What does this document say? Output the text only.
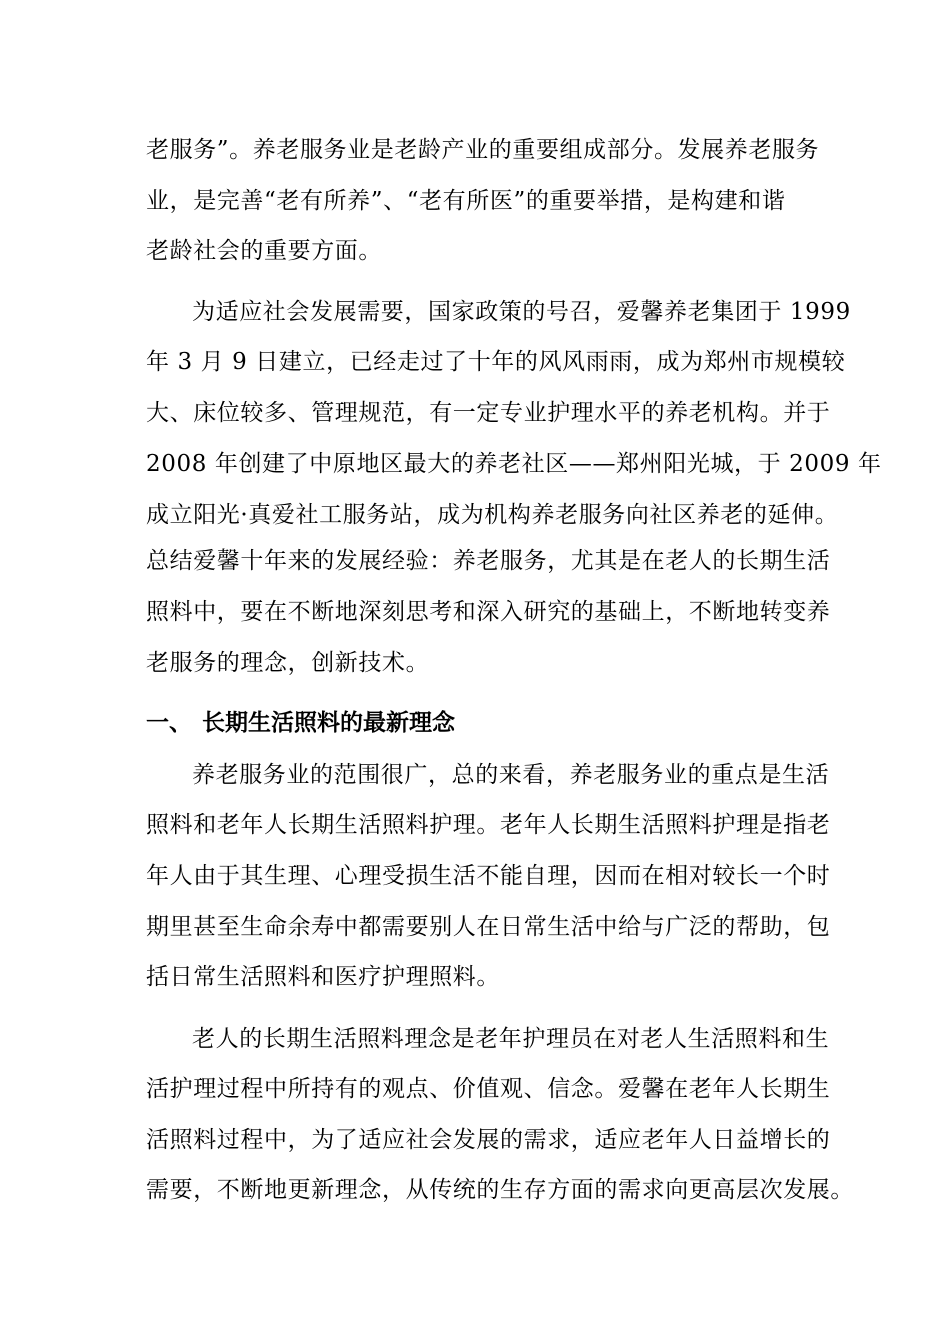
老服务”。养老服务业是老龄产业的重要组成部分。发展养老服务
业，是完善“老有所养”、“老有所医”的重要举措，是构建和谐
老龄社会的重要方面。
为适应社会发展需要，国家政策的号召，爱馨养老集团于 1999
年 3 月 9 日建立，已经走过了十年的风风雨雨，成为郑州市规模较
大、床位较多、管理规范，有一定专业护理水平的养老机构。并于
2008 年创建了中原地区最大的养老社区——郑州阳光城，于 2009 年
成立阳光·真爱社工服务站，成为机构养老服务向社区养老的延伸。
总结爱馨十年来的发展经验：养老服务，尤其是在老人的长期生活
照料中，要在不断地深刻思考和深入研究的基础上，不断地转变养
老服务的理念，创新技术。
一、 长期生活照料的最新理念
养老服务业的范围很广，总的来看，养老服务业的重点是生活
照料和老年人长期生活照料护理。老年人长期生活照料护理是指老
年人由于其生理、心理受损生活不能自理，因而在相对较长一个时
期里甚至生命余寿中都需要别人在日常生活中给与广泛的帮助，包
括日常生活照料和医疗护理照料。
老人的长期生活照料理念是老年护理员在对老人生活照料和生
活护理过程中所持有的观点、价值观、信念。爱馨在老年人长期生
活照料过程中，为了适应社会发展的需求，适应老年人日益增长的
需要，不断地更新理念，从传统的生存方面的需求向更高层次发展。
